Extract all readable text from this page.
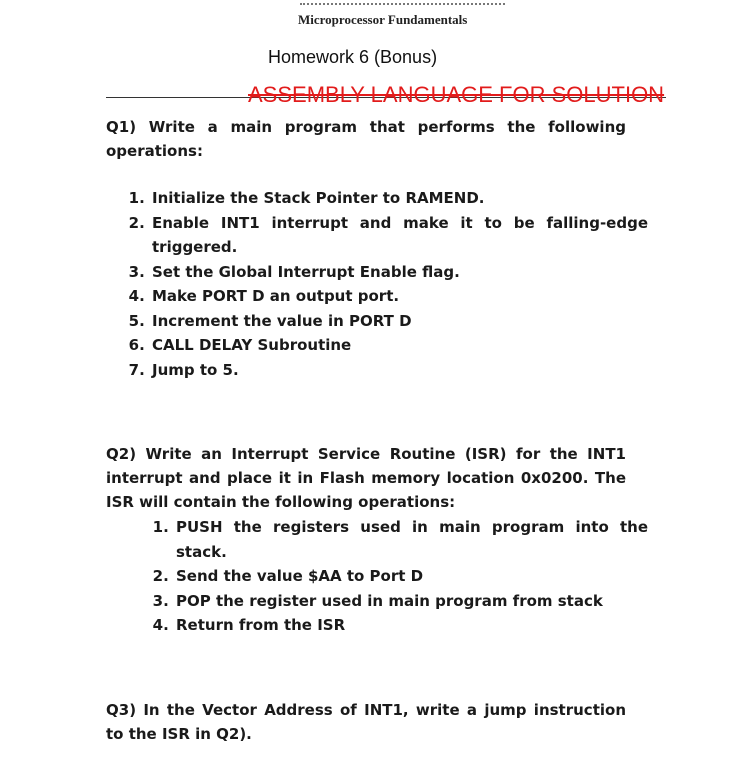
Microprocessor Fundamentals
Homework 6 (Bonus)
ASSEMBLY LANGUAGE FOR SOLUTION

Q1) Write a main program that performs the following operations:

1. Initialize the Stack Pointer to RAMEND.
2. Enable INT1 interrupt and make it to be falling-edge triggered.
3. Set the Global Interrupt Enable flag.
4. Make PORT D an output port.
5. Increment the value in PORT D
6. CALL DELAY Subroutine
7. Jump to 5.

Q2) Write an Interrupt Service Routine (ISR) for the INT1 interrupt and place it in Flash memory location 0x0200. The ISR will contain the following operations:

1. PUSH the registers used in main program into the stack.
2. Send the value $AA to Port D
3. POP the register used in main program from stack
4. Return from the ISR

Q3) In the Vector Address of INT1, write a jump instruction to the ISR in Q2).
